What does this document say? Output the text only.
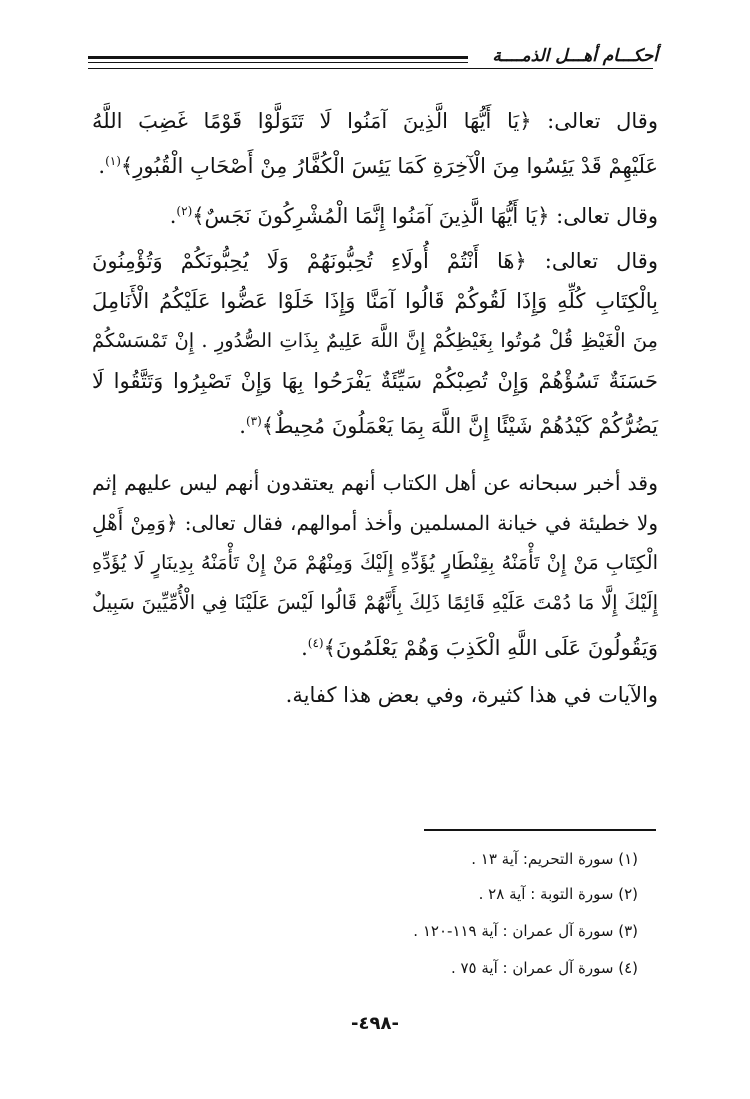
أحكـــام أهـــل الذمــــة
وقال تعالى: ﴿يَا أَيُّهَا الَّذِينَ آمَنُوا لَا تَتَوَلَّوْا قَوْمًا غَضِبَ اللَّهُ
عَلَيْهِمْ قَدْ يَئِسُوا مِنَ الْآخِرَةِ كَمَا يَئِسَ الْكُفَّارُ مِنْ أَصْحَابِ الْقُبُورِ﴾$^{(١)}$.
وقال تعالى: ﴿يَا أَيُّهَا الَّذِينَ آمَنُوا إِنَّمَا الْمُشْرِكُونَ نَجَسٌ﴾$^{(٢)}$.
وقال تعالى: ﴿هَا أَنْتُمْ أُولَاءِ تُحِبُّونَهُمْ وَلَا يُحِبُّونَكُمْ وَتُؤْمِنُونَ
بِالْكِتَابِ كُلِّهِ وَإِذَا لَقُوكُمْ قَالُوا آمَنَّا وَإِذَا خَلَوْا عَضُّوا عَلَيْكُمُ الْأَنَامِلَ
مِنَ الْغَيْظِ قُلْ مُوتُوا بِغَيْظِكُمْ إِنَّ اللَّهَ عَلِيمٌ بِذَاتِ الصُّدُورِ . إِنْ تَمْسَسْكُمْ
حَسَنَةٌ تَسُؤْهُمْ وَإِنْ تُصِبْكُمْ سَيِّئَةٌ يَفْرَحُوا بِهَا وَإِنْ تَصْبِرُوا وَتَتَّقُوا لَا
يَضُرُّكُمْ كَيْدُهُمْ شَيْئًا إِنَّ اللَّهَ بِمَا يَعْمَلُونَ مُحِيطٌ﴾$^{(٣)}$.
وقد أخبر سبحانه عن أهل الكتاب أنهم يعتقدون أنهم ليس عليهم إثم
ولا خطيئة في خيانة المسلمين وأخذ أموالهم، فقال تعالى: ﴿وَمِنْ أَهْلِ
الْكِتَابِ مَنْ إِنْ تَأْمَنْهُ بِقِنْطَارٍ يُؤَدِّهِ إِلَيْكَ وَمِنْهُمْ مَنْ إِنْ تَأْمَنْهُ بِدِينَارٍ لَا يُؤَدِّهِ
إِلَيْكَ إِلَّا مَا دُمْتَ عَلَيْهِ قَائِمًا ذَلِكَ بِأَنَّهُمْ قَالُوا لَيْسَ عَلَيْنَا فِي الْأُمِّيِّينَ سَبِيلٌ
وَيَقُولُونَ عَلَى اللَّهِ الْكَذِبَ وَهُمْ يَعْلَمُونَ﴾$^{(٤)}$.
والآيات في هذا كثيرة، وفي بعض هذا كفاية.
(١) سورة التحريم: آية ١٣ .
(٢) سورة التوبة : آية ٢٨ .
(٣) سورة آل عمران : آية ١١٩-١٢٠ .
(٤) سورة آل عمران : آية ٧٥ .
-٤٩٨-
